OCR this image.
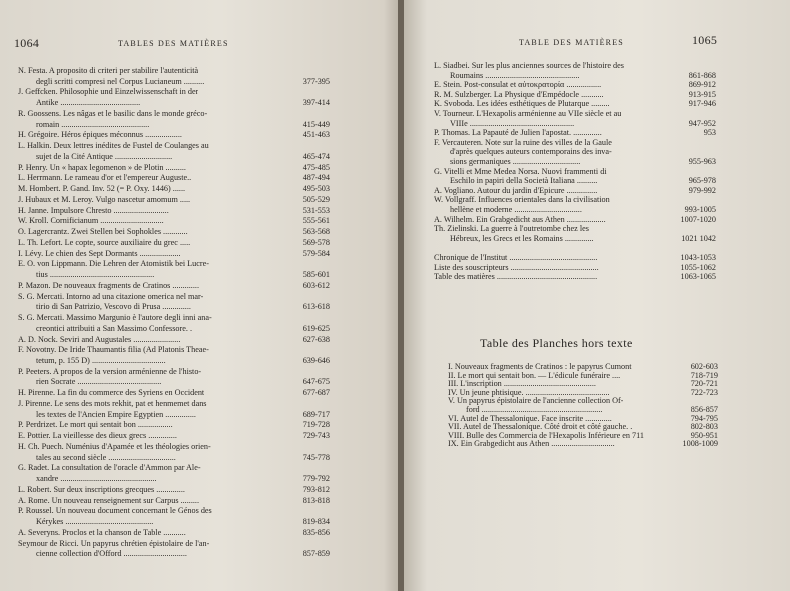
1064	TABLES DES MATIÈRES
N. Festa. A proposito di criteri per stabilire l'autenticità
degli scritti compresi nel Corpus Lucianeum ..........	377-395
J. Geffcken. Philosophie und Einzelwissenschaft in der
Antike .......................................	397-414
R. Goossens. Les nâgas et le basilic dans le monde gréco-
romain ...........................................	415-449
H. Grégoire. Héros épiques méconnus ..................	451-463
L. Halkin. Deux lettres inédites de Fustel de Coulanges au
sujet de la Cité Antique ............................	465-474
P. Henry. Un « hapax legomenon » de Plotin ..........	475-485
L. Herrmann. Le rameau d'or et l'empereur Auguste..	487-494
M. Hombert. P. Gand. Inv. 52 (= P. Oxy. 1446) ......	495-503
J. Hubaux et M. Leroy. Vulgo nascetur amomum .....	505-529
H. Janne. Impulsore Chresto ...........................	531-553
W. Kroll. Cornificianum ...............................	555-561
O. Lagercrantz. Zwei Stellen bei Sophokles ............	563-568
L. Th. Lefort. Le copte, source auxiliaire du grec .....	569-578
I. Lévy. Le chien des Sept Dormants ....................	579-584
E. O. von Lippmann. Die Lehren der Atomistik bei Lucre-
tius ...................................................	585-601
P. Mazon. De nouveaux fragments de Cratinos .............	603-612
S. G. Mercati. Intorno ad una citazione omerica nel mar-
tirio di San Patrizio, Vescovo di Prusa ..............	613-618
S. G. Mercati. Massimo Margunio è l'autore degli inni ana-
creontici attribuiti a San Massimo Confessore. .	619-625
A. D. Nock. Seviri and Augustales .......................	627-638
F. Novotny. De Iride Thaumantis filia (Ad Platonis Theae-
tetum, p. 155 D) ....................................	639-646
P. Peeters. A propos de la version arménienne de l'histo-
rien Socrate .........................................	647-675
H. Pirenne. La fin du commerce des Syriens en Occident	677-687
J. Pirenne. Le sens des mots rekhit, pat et henmemet dans
les textes de l'Ancien Empire Egyptien ...............	689-717
P. Perdrizet. Le mort qui sentait bon .................	719-728
E. Pottier. La vieillesse des dieux grecs ..............	729-743
H. Ch. Puech. Numénius d'Apamée et les théologies orien-
tales au second siècle .................................	745-778
G. Radet. La consultation de l'oracle d'Ammon par Ale-
xandre ...............................................	779-792
L. Robert. Sur deux inscriptions grecques ..............	793-812
A. Rome. Un nouveau renseignement sur Carpus .........	813-818
P. Roussel. Un nouveau document concernant le Génos des
Kérykes ...........................................	819-834
A. Severyns. Proclos et la chanson de Table ...........	835-856
Seymour de Ricci. Un papyrus chrétien épistolaire de l'an-
cienne collection d'Offord ...............................	857-859
TABLE DES MATIÈRES	1065
L. Siadbei. Sur les plus anciennes sources de l'histoire des
Roumains ..............................................	861-868
E. Stein. Post-consulat et αὐτοκρατορία .................	869-912
R. M. Sulzberger. La Physique d'Empédocle ...........	913-915
K. Svoboda. Les idées esthétiques de Plutarque .........	917-946
V. Tourneur. L'Hexapolis arménienne au VIIe siècle et au
VIIIe ...................................................	947-952
P. Thomas. La Papauté de Julien l'apostat. ..............	953
F. Vercauteren. Note sur la ruine des villes de la Gaule
d'après quelques auteurs contemporains des inva-
sions germaniques .................................	955-963
G. Vitelli et Mme Medea Norsa. Nuovi frammenti di
Eschilo in papiri della Società Italiana ..........	965-978
A. Vogliano. Autour du jardin d'Epicure ...............	979-992
W. Vollgraff. Influences orientales dans la civilisation
hellène et moderne .................................	993-1005
A. Wilhelm. Ein Grabgedicht aus Athen ...................	1007-1020
Th. Zielinski. La guerre à l'outretombe chez les
Hébreux, les Grecs et les Romains ..............	1021 1042
Chronique de l'Institut ...........................................	1043-1053
Liste des souscripteurs ...........................................	1055-1062
Table des matières .................................................	1063-1065
Table des Planches hors texte
I. Nouveaux fragments de Cratinos : le papyrus Cumont	602-603
II. Le mort qui sentait bon. — L'édicule funéraire ....	718-719
III. L'inscription .............................................	720-721
IV. Un jeune phtisique. .........................................	722-723
V. Un papyrus épistolaire de l'ancienne collection Of-
ford ...........................................................	856-857
VI. Autel de Thessalonique. Face inscrite .............	794-795
VII. Autel de Thessalonique. Côté droit et côté gauche. .	802-803
VIII. Bulle des Commercia de l'Hexapolis Inférieure en 711	950-951
IX. Ein Grabgedicht aus Athen ...............................	1008-1009
